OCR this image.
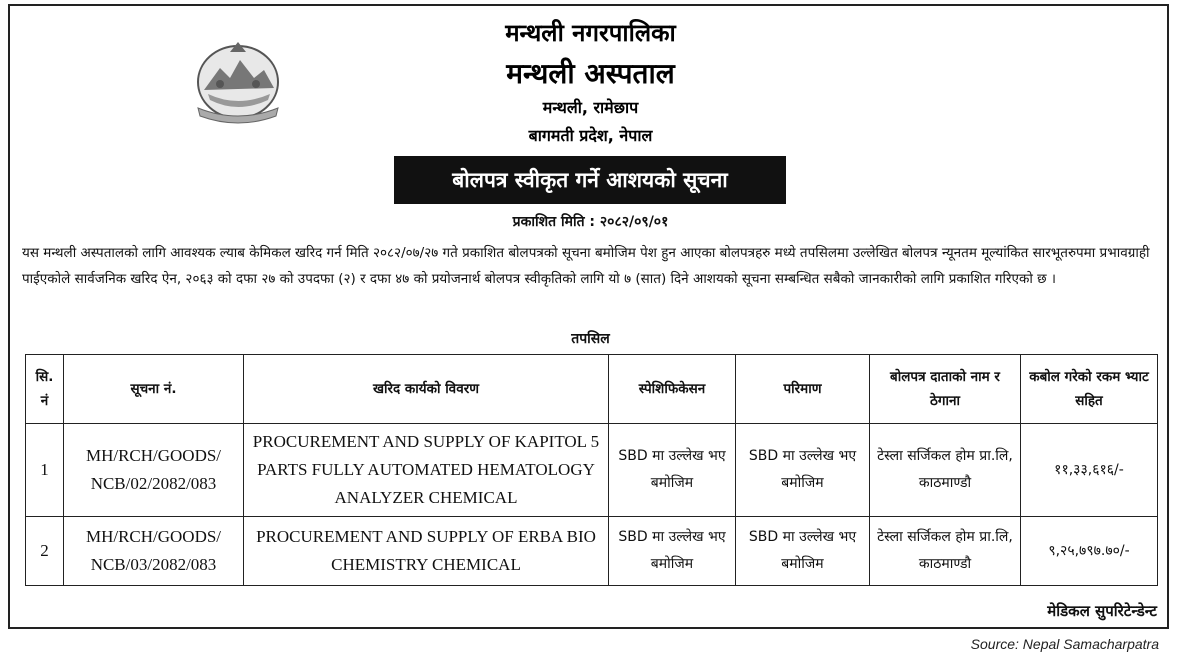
मन्थली नगरपालिका
मन्थली अस्पताल
मन्थली, रामेछाप
बागमती प्रदेश, नेपाल
बोलपत्र स्वीकृत गर्ने आशयको सूचना
प्रकाशित मिति : २०८२/०९/०१

यस मन्थली अस्पतालको लागि आवश्यक ल्याब केमिकल खरिद गर्न मिति २०८२/०७/२७ गते प्रकाशित बोलपत्रको सूचना बमोजिम पेश हुन आएका बोलपत्रहरु मध्ये तपसिलमा उल्लेखित बोलपत्र न्यूनतम मूल्यांकित सारभूतरुपमा प्रभावग्राही पाईएकोले सार्वजनिक खरिद ऐन, २०६३ को दफा २७ को उपदफा (२) र दफा ४७ को प्रयोजनार्थ बोलपत्र स्वीकृतिको लागि यो ७ (सात) दिने आशयको सूचना सम्बन्धित सबैको जानकारीको लागि प्रकाशित गरिएको छ ।

तपसिल
सि. नं	सूचना नं.	खरिद कार्यको विवरण	स्पेशिफिकेसन	परिमाण	बोलपत्र दाताको नाम र ठेगाना	कबोल गरेको रकम भ्याट सहित
1	MH/RCH/GOODS/ NCB/02/2082/083	PROCUREMENT AND SUPPLY OF KAPITOL 5 PARTS FULLY AUTOMATED HEMATOLOGY ANALYZER CHEMICAL	SBD मा उल्लेख भए बमोजिम	SBD मा उल्लेख भए बमोजिम	टेस्ला सर्जिकल होम प्रा.लि, काठमाण्डौ	११,३३,६१६/-
2	MH/RCH/GOODS/ NCB/03/2082/083	PROCUREMENT AND SUPPLY OF ERBA BIO CHEMISTRY CHEMICAL	SBD मा उल्लेख भए बमोजिम	SBD मा उल्लेख भए बमोजिम	टेस्ला सर्जिकल होम प्रा.लि, काठमाण्डौ	९,२५,७९७.७०/-
मेडिकल सुपरिटेन्डेन्ट
Source: Nepal Samacharpatra
